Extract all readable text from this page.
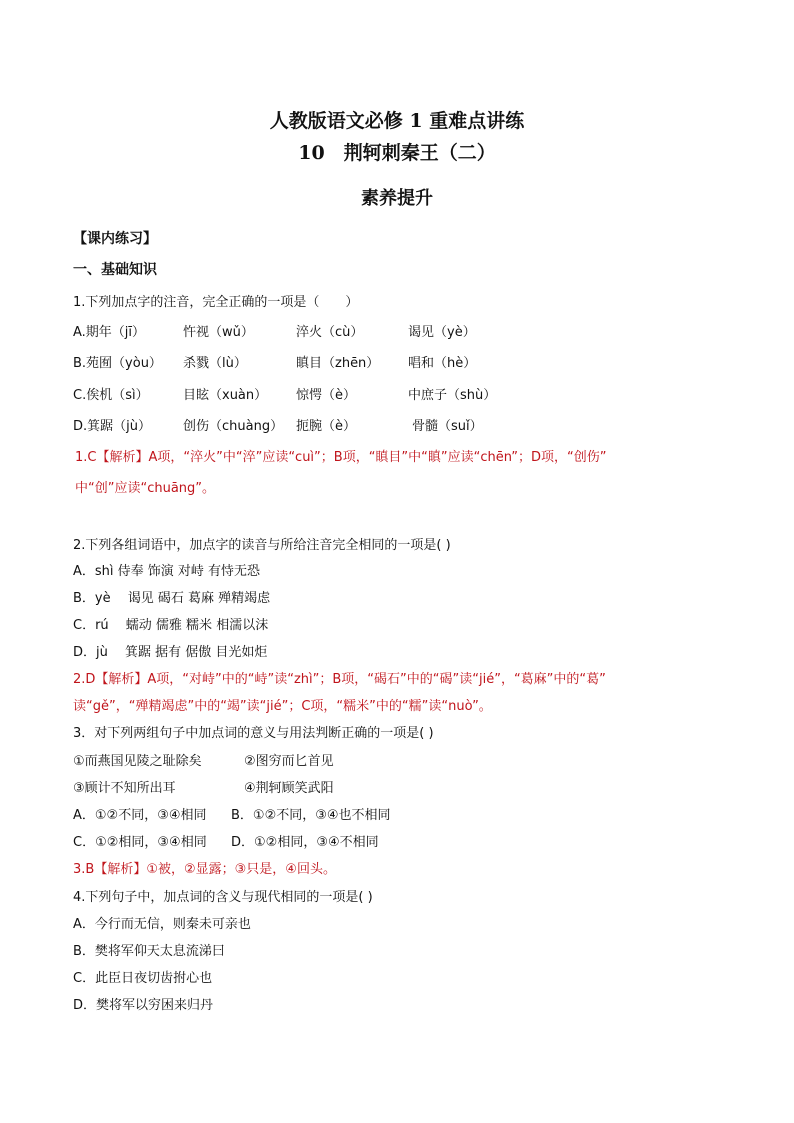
人教版语文必修 1 重难点讲练
10　荆轲刺秦王（二）
素养提升
【课内练习】
一、基础知识
1.下列加点字的注音，完全正确的一项是（　　）
A.期年（jī）	忤视（wǔ）	淬火（cù）	谒见（yè）
B.苑囿（yòu） 杀戮（lù）	瞋目（zhēn） 唱和（hè）
C.俟机（sì）	目眩（xuàn） 惊愕（è）	中庶子（shù）
D.箕踞（jù） 创伤（chuàng） 扼腕（è）	骨髓（suǐ）
1.C【解析】A项，“淬火”中“淬”应读“cuì”；B项，“瞋目”中“瞋”应读“chēn”；D项，“创伤”
中“创”应读“chuāng”。
2.下列各组词语中，加点字的读音与所给注音完全相同的一项是( )
A．shì 侍奉 饰演 对峙 有恃无恐
B．yè 　谒见 碣石 葛麻 殚精竭虑
C．rú　 蠕动 儒雅 糯米 相濡以沫
D．jù　 箕踞 据有 倨傲 目光如炬
2.D【解析】A项，“对峙”中的“峙”读“zhì”；B项，“碣石”中的“碣”读“jié”，“葛麻”中的“葛”
读“gě”，“殚精竭虑”中的“竭”读“jié”；C项，“糯米”中的“糯”读“nuò”。
3．对下列两组句子中加点词的意义与用法判断正确的一项是( )
①而燕国见陵之耻除矣	②图穷而匕首见
③顾计不知所出耳	④荆轲顾笑武阳
A．①②不同，③④相同 B．①②不同，③④也不相同
C．①②相同，③④相同 D．①②相同，③④不相同
3.B【解析】①被，②显露；③只是，④回头。
4.下列句子中，加点词的含义与现代相同的一项是( )
A．今行而无信，则秦未可亲也
B．樊将军仰天太息流涕曰
C．此臣日夜切齿拊心也
D．樊将军以穷困来归丹
